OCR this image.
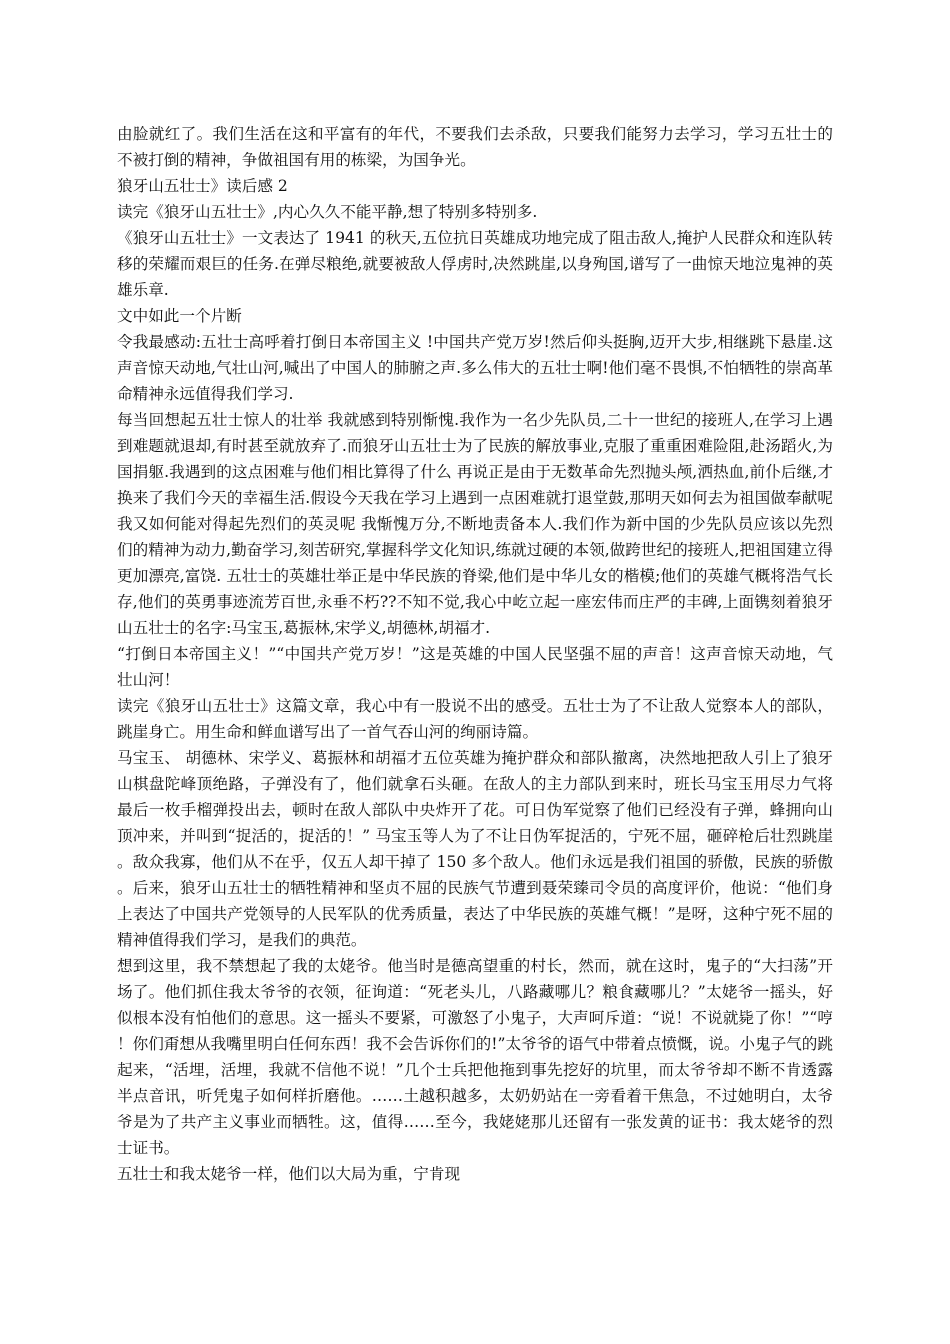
由脸就红了。我们生活在这和平富有的年代，不要我们去杀敌，只要我们能努力去学习，学习五壮士的不被打倒的精神，争做祖国有用的栋梁，为国争光。

狼牙山五壮士》读后感 2

读完《狼牙山五壮士》,内心久久不能平静,想了特别多特别多.

《狼牙山五壮士》一文表达了 1941 的秋天,五位抗日英雄成功地完成了阻击敌人,掩护人民群众和连队转移的荣耀而艰巨的任务.在弹尽粮绝,就要被敌人俘虏时,决然跳崖,以身殉国,谱写了一曲惊天地泣鬼神的英雄乐章.

文中如此一个片断

令我最感动:五壮士高呼着打倒日本帝国主义 !中国共产党万岁!然后仰头挺胸,迈开大步,相继跳下悬崖.这声音惊天动地,气壮山河,喊出了中国人的肺腑之声.多么伟大的五壮士啊!他们毫不畏惧,不怕牺牲的崇高革命精神永远值得我们学习.

每当回想起五壮士惊人的壮举 我就感到特别惭愧.我作为一名少先队员,二十一世纪的接班人,在学习上遇到难题就退却,有时甚至就放弃了.而狼牙山五壮士为了民族的解放事业,克服了重重困难险阻,赴汤蹈火,为国捐躯.我遇到的这点困难与他们相比算得了什么 再说正是由于无数革命先烈抛头颅,洒热血,前仆后继,才换来了我们今天的幸福生活.假设今天我在学习上遇到一点困难就打退堂鼓,那明天如何去为祖国做奉献呢 我又如何能对得起先烈们的英灵呢 我惭愧万分,不断地责备本人.我们作为新中国的少先队员应该以先烈们的精神为动力,勤奋学习,刻苦研究,掌握科学文化知识,练就过硬的本领,做跨世纪的接班人,把祖国建立得更加漂亮,富饶. 五壮士的英雄壮举正是中华民族的脊梁,他们是中华儿女的楷模;他们的英雄气概将浩气长存,他们的英勇事迹流芳百世,永垂不朽??不知不觉,我心中屹立起一座宏伟而庄严的丰碑,上面镌刻着狼牙山五壮士的名字:马宝玉,葛振林,宋学义,胡德林,胡福才.

“打倒日本帝国主义！”“中国共产党万岁！”这是英雄的中国人民坚强不屈的声音！这声音惊天动地，气壮山河！

读完《狼牙山五壮士》这篇文章，我心中有一股说不出的感受。五壮士为了不让敌人觉察本人的部队，跳崖身亡。用生命和鲜血谱写出了一首气吞山河的绚丽诗篇。

马宝玉、 胡德林、宋学义、葛振林和胡福才五位英雄为掩护群众和部队撤离，决然地把敌人引上了狼牙山棋盘陀峰顶绝路，子弹没有了，他们就拿石头砸。在敌人的主力部队到来时，班长马宝玉用尽力气将最后一枚手榴弹投出去，顿时在敌人部队中央炸开了花。可日伪军觉察了他们已经没有子弹，蜂拥向山顶冲来，并叫到“捉活的，捉活的！” 马宝玉等人为了不让日伪军捉活的，宁死不屈，砸碎枪后壮烈跳崖。敌众我寡，他们从不在乎，仅五人却干掉了 150 多个敌人。他们永远是我们祖国的骄傲，民族的骄傲。后来，狼牙山五壮士的牺牲精神和坚贞不屈的民族气节遭到聂荣臻司令员的高度评价，他说：“他们身上表达了中国共产党领导的人民军队的优秀质量，表达了中华民族的英雄气概！”是呀，这种宁死不屈的精神值得我们学习，是我们的典范。

想到这里，我不禁想起了我的太姥爷。他当时是德高望重的村长，然而，就在这时，鬼子的“大扫荡”开场了。他们抓住我太爷爷的衣领，征询道：“死老头儿，八路藏哪儿？粮食藏哪儿？”太姥爷一摇头，好似根本没有怕他们的意思。这一摇头不要紧，可激怒了小鬼子，大声呵斥道：“说！不说就毙了你！”“哼！你们甭想从我嘴里明白任何东西！我不会告诉你们的!”太爷爷的语气中带着点愤慨，说。小鬼子气的跳起来，“活埋，活埋，我就不信他不说！”几个士兵把他拖到事先挖好的坑里，而太爷爷却不断不肯透露半点音讯，听凭鬼子如何样折磨他。……土越积越多，太奶奶站在一旁看着干焦急，不过她明白，太爷爷是为了共产主义事业而牺牲。这，值得……至今，我姥姥那儿还留有一张发黄的证书：我太姥爷的烈士证书。

五壮士和我太姥爷一样，他们以大局为重，宁肯现
